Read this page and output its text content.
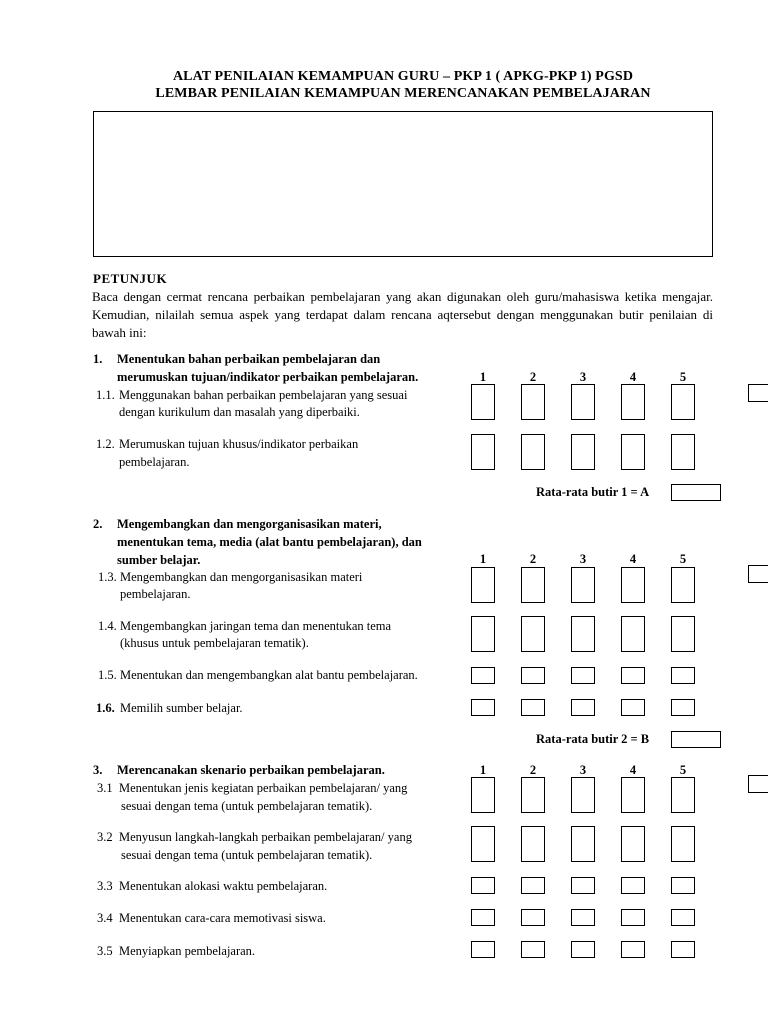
ALAT PENILAIAN KEMAMPUAN GURU – PKP 1 ( APKG-PKP 1) PGSD
LEMBAR PENILAIAN KEMAMPUAN MERENCANAKAN PEMBELAJARAN
PETUNJUK
Baca dengan cermat rencana perbaikan pembelajaran yang akan digunakan oleh guru/mahasiswa ketika mengajar. Kemudian, nilailah semua aspek yang terdapat dalam rencana aqtersebut dengan menggunakan butir penilaian di bawah ini:
1. Menentukan bahan perbaikan pembelajaran dan
merumuskan tujuan/indikator perbaikan pembelajaran.	1	2	3	4	5
1.1. Menggunakan bahan perbaikan pembelajaran yang sesuai
dengan kurikulum dan masalah yang diperbaiki.
1.2. Merumuskan tujuan khusus/indikator perbaikan
pembelajaran.
Rata-rata butir 1 = A
2. Mengembangkan dan mengorganisasikan materi,
menentukan tema, media (alat bantu pembelajaran), dan
sumber belajar.	1	2	3	4	5
1.3. Mengembangkan dan mengorganisasikan materi
pembelajaran.
1.4. Mengembangkan jaringan tema dan menentukan tema
(khusus untuk pembelajaran tematik).
1.5. Menentukan dan mengembangkan alat bantu pembelajaran.
1.6. Memilih sumber belajar.
Rata-rata butir 2 = B
3. Merencanakan skenario perbaikan pembelajaran.	1	2	3	4	5
3.1 Menentukan jenis kegiatan perbaikan pembelajaran/ yang
sesuai dengan tema (untuk pembelajaran tematik).
3.2 Menyusun langkah-langkah perbaikan pembelajaran/ yang
sesuai dengan tema (untuk pembelajaran tematik).
3.3 Menentukan alokasi waktu pembelajaran.
3.4 Menentukan cara-cara memotivasi siswa.
3.5 Menyiapkan pembelajaran.
